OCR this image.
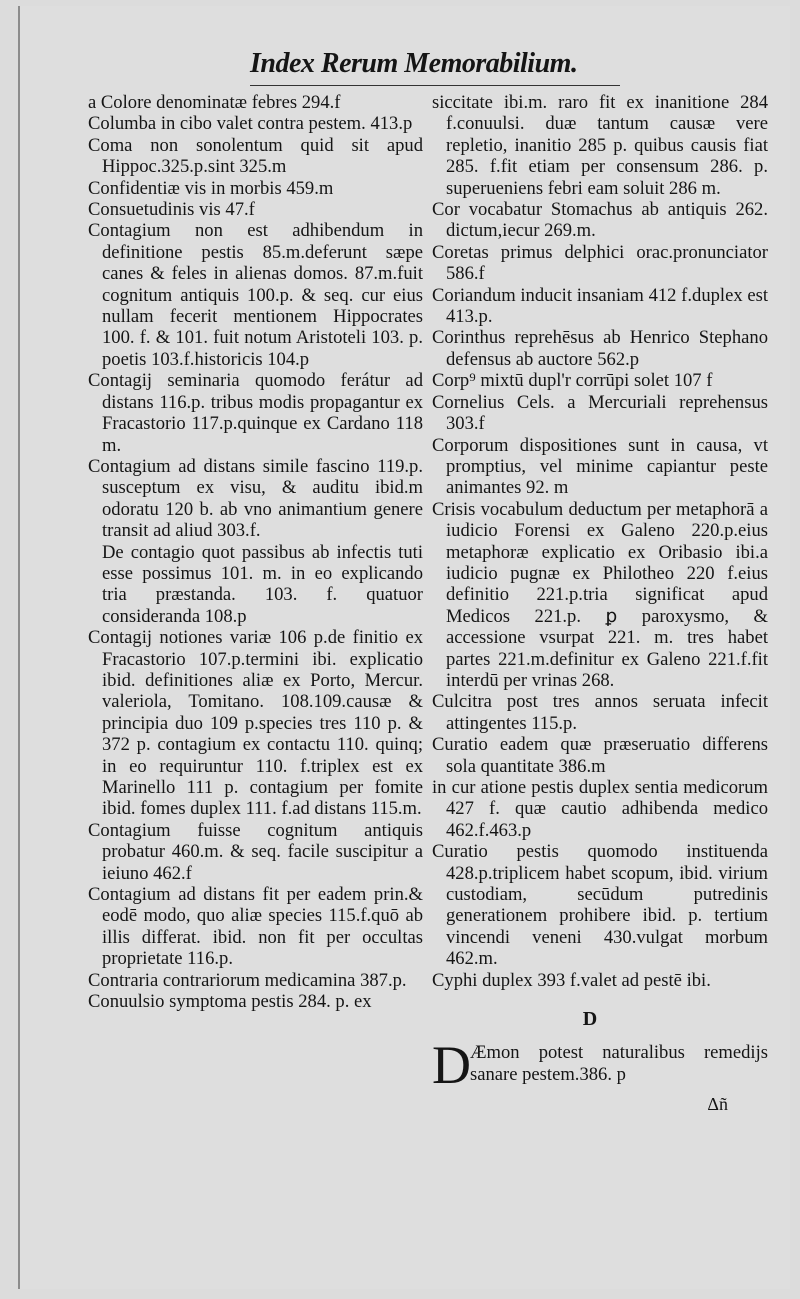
Index Rerum Memorabilium.

a Colore denominatæ febres 294.f

Columba in cibo valet contra pestem. 413.p

Coma non sonolentum quid sit apud Hippoc.325.p.sint 325.m

Confidentiæ vis in morbis 459.m

Consuetudinis vis 47.f

Contagium non est adhibendum in definitione pestis 85.m.deferunt sæpe canes & feles in alienas domos. 87.m.fuit cognitum antiquis 100.p. & seq. cur eius nullam fecerit mentionem Hippocrates 100. f. & 101. fuit notum Aristoteli 103. p. poetis 103.f.historicis 104.p

Contagij seminaria quomodo ferátur ad distans 116.p. tribus modis propagantur ex Fracastorio 117.p.quinque ex Cardano 118 m.

Contagium ad distans simile fascino 119.p. susceptum ex visu, & auditu ibid.m odoratu 120 b. ab vno animantium genere transit ad aliud 303.f.

De contagio quot passibus ab infectis tuti esse possimus 101. m. in eo explicando tria præstanda. 103. f. quatuor consideranda 108.p

Contagij notiones variæ 106 p.de finitio ex Fracastorio 107.p.termini ibi. explicatio ibid. definitiones aliæ ex Porto, Mercur. valeriola, Tomitano. 108.109.causæ & principia duo 109 p.species tres 110 p. & 372 p. contagium ex contactu 110. quinq; in eo requiruntur 110. f.triplex est ex Marinello 111 p. contagium per fomite ibid. fomes duplex 111. f.ad distans 115.m.

Contagium fuisse cognitum antiquis probatur 460.m. & seq. facile suscipitur a ieiuno 462.f

Contagium ad distans fit per eadem prin.& eodē modo, quo aliæ species 115.f.quō ab illis differat. ibid. non fit per occultas proprietate 116.p.

Contraria contrariorum medicamina 387.p.

Conuulsio symptoma pestis 284. p. ex

siccitate ibi.m. raro fit ex inanitione 284 f.conuulsi. duæ tantum causæ vere repletio, inanitio 285 p. quibus causis fiat 285. f.fit etiam per consensum 286. p. superueniens febri eam soluit 286 m.

Cor vocabatur Stomachus ab antiquis 262. dictum,iecur 269.m.

Coretas primus delphici orac.pronunciator 586.f

Coriandum inducit insaniam 412 f.duplex est 413.p.

Corinthus reprehēsus ab Henrico Stephano defensus ab auctore 562.p

Corp⁹ mixtū dupl'r corrūpi solet 107 f

Cornelius Cels. a Mercuriali reprehensus 303.f

Corporum dispositiones sunt in causa, vt promptius, vel minime capiantur peste animantes 92. m

Crisis vocabulum deductum per metaphorā a iudicio Forensi ex Galeno 220.p.eius metaphoræ explicatio ex Oribasio ibi.a iudicio pugnæ ex Philotheo 220 f.eius definitio 221.p.tria significat apud Medicos 221.p. ꝑ paroxysmo, & accessione vsurpat 221. m. tres habet partes 221.m.definitur ex Galeno 221.f.fit interdū per vrinas 268.

Culcitra post tres annos seruata infecit attingentes 115.p.

Curatio eadem quæ præseruatio differens sola quantitate 386.m

in cur atione pestis duplex sentia medicorum 427 f. quæ cautio adhibenda medico 462.f.463.p

Curatio pestis quomodo instituenda 428.p.triplicem habet scopum, ibid. virium custodiam, secūdum putredinis generationem prohibere ibid. p. tertium vincendi veneni 430.vulgat morbum 462.m.

Cyphi duplex 393 f.valet ad pestē ibi.

D

D Æmon potest naturalibus remedijs sanare pestem.386. p

Δñ
